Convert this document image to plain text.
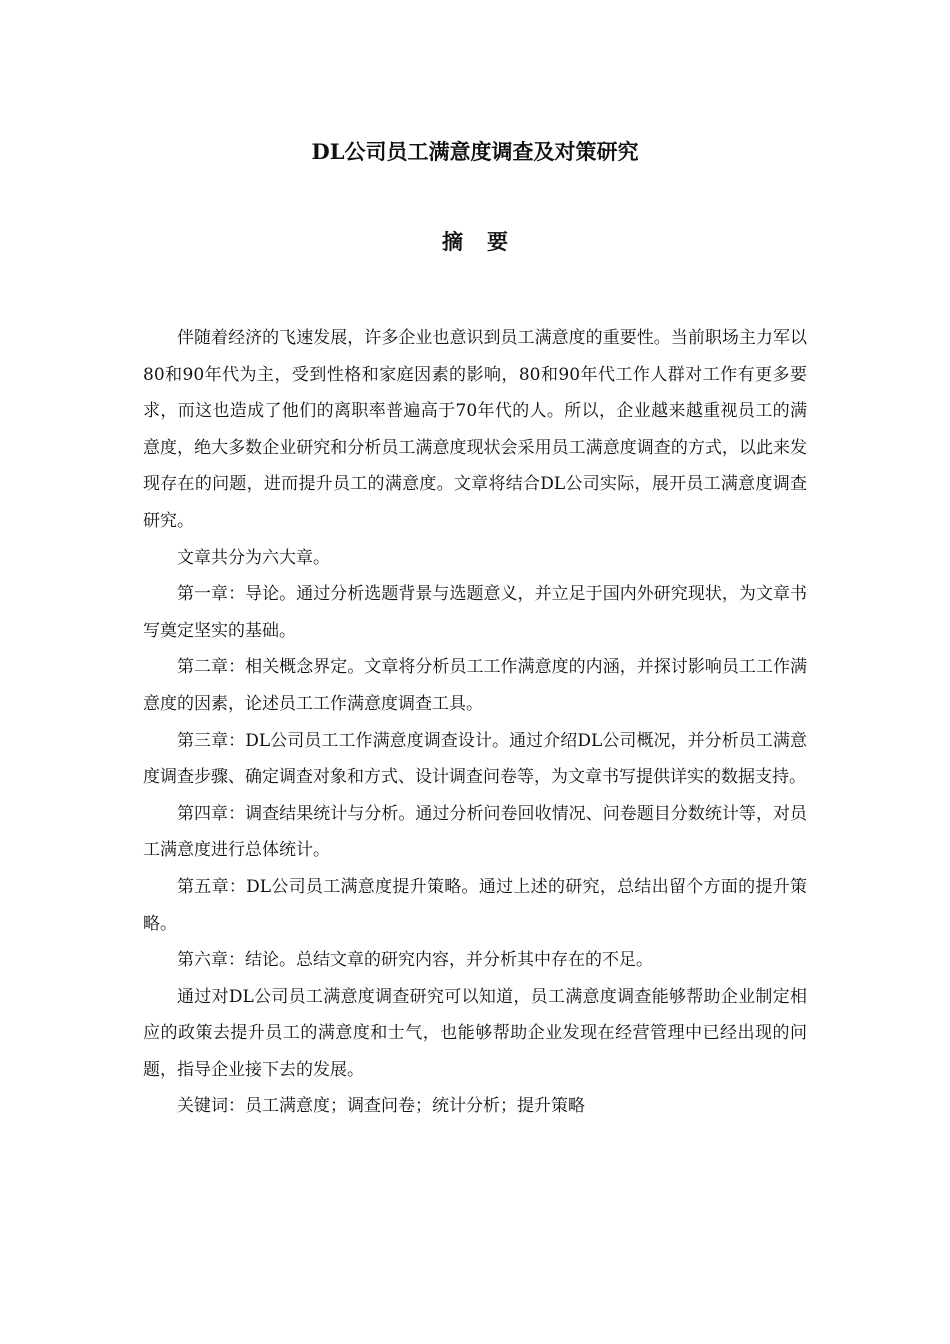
DL公司员工满意度调查及对策研究
摘要

伴随着经济的飞速发展，许多企业也意识到员工满意度的重要性。当前职场主力军以80和90年代为主，受到性格和家庭因素的影响，80和90年代工作人群对工作有更多要求，而这也造成了他们的离职率普遍高于70年代的人。所以，企业越来越重视员工的满意度，绝大多数企业研究和分析员工满意度现状会采用员工满意度调查的方式，以此来发现存在的问题，进而提升员工的满意度。文章将结合DL公司实际，展开员工满意度调查研究。

文章共分为六大章。

第一章：导论。通过分析选题背景与选题意义，并立足于国内外研究现状，为文章书写奠定坚实的基础。

第二章：相关概念界定。文章将分析员工工作满意度的内涵，并探讨影响员工工作满意度的因素，论述员工工作满意度调查工具。

第三章：DL公司员工工作满意度调查设计。通过介绍DL公司概况，并分析员工满意度调查步骤、确定调查对象和方式、设计调查问卷等，为文章书写提供详实的数据支持。

第四章：调查结果统计与分析。通过分析问卷回收情况、问卷题目分数统计等，对员工满意度进行总体统计。

第五章：DL公司员工满意度提升策略。通过上述的研究，总结出留个方面的提升策略。

第六章：结论。总结文章的研究内容，并分析其中存在的不足。

通过对DL公司员工满意度调查研究可以知道，员工满意度调查能够帮助企业制定相应的政策去提升员工的满意度和士气，也能够帮助企业发现在经营管理中已经出现的问题，指导企业接下去的发展。

关键词：员工满意度；调查问卷；统计分析；提升策略
